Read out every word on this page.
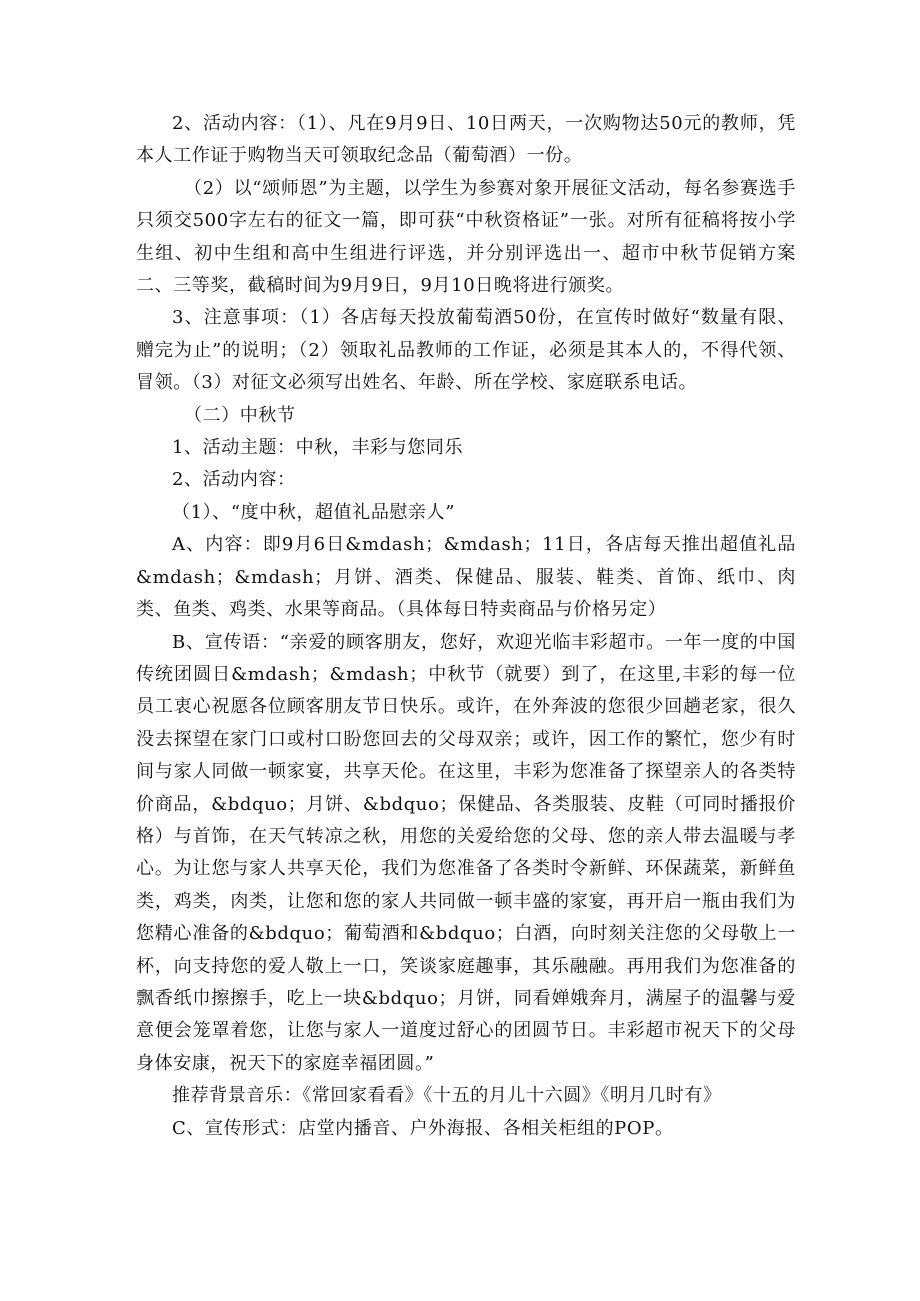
2、活动内容：（1）、凡在9月9日、10日两天，一次购物达50元的教师，凭本人工作证于购物当天可领取纪念品（葡萄酒）一份。

（2）以“颂师恩”为主题，以学生为参赛对象开展征文活动，每名参赛选手只须交500字左右的征文一篇，即可获“中秋资格证”一张。对所有征稿将按小学生组、初中生组和高中生组进行评选，并分别评选出一、超市中秋节促销方案二、三等奖，截稿时间为9月9日，9月10日晚将进行颁奖。

3、注意事项：（1）各店每天投放葡萄酒50份，在宣传时做好“数量有限、赠完为止”的说明；（2）领取礼品教师的工作证，必须是其本人的，不得代领、冒领。（3）对征文必须写出姓名、年龄、所在学校、家庭联系电话。

（二）中秋节

1、活动主题：中秋，丰彩与您同乐

2、活动内容：

（1）、“度中秋，超值礼品慰亲人”

A、内容：即9月6日&mdash；&mdash；11日，各店每天推出超值礼品&mdash；&mdash；月饼、酒类、保健品、服装、鞋类、首饰、纸巾、肉类、鱼类、鸡类、水果等商品。（具体每日特卖商品与价格另定）

B、宣传语：“亲爱的顾客朋友，您好，欢迎光临丰彩超市。一年一度的中国传统团圆日&mdash；&mdash；中秋节（就要）到了，在这里,丰彩的每一位员工衷心祝愿各位顾客朋友节日快乐。或许，在外奔波的您很少回趟老家，很久没去探望在家门口或村口盼您回去的父母双亲；或许，因工作的繁忙，您少有时间与家人同做一顿家宴，共享天伦。在这里，丰彩为您准备了探望亲人的各类特价商品，&bdquo；月饼、&bdquo；保健品、各类服装、皮鞋（可同时播报价格）与首饰，在天气转凉之秋，用您的关爱给您的父母、您的亲人带去温暖与孝心。为让您与家人共享天伦，我们为您准备了各类时令新鲜、环保蔬菜，新鲜鱼类，鸡类，肉类，让您和您的家人共同做一顿丰盛的家宴，再开启一瓶由我们为您精心准备的&bdquo；葡萄酒和&bdquo；白酒，向时刻关注您的父母敬上一杯，向支持您的爱人敬上一口，笑谈家庭趣事，其乐融融。再用我们为您准备的飘香纸巾擦擦手，吃上一块&bdquo；月饼，同看婵娥奔月，满屋子的温馨与爱意便会笼罩着您，让您与家人一道度过舒心的团圆节日。丰彩超市祝天下的父母身体安康，祝天下的家庭幸福团圆。”

推荐背景音乐：《常回家看看》《十五的月儿十六圆》《明月几时有》

C、宣传形式：店堂内播音、户外海报、各相关柜组的POP。
